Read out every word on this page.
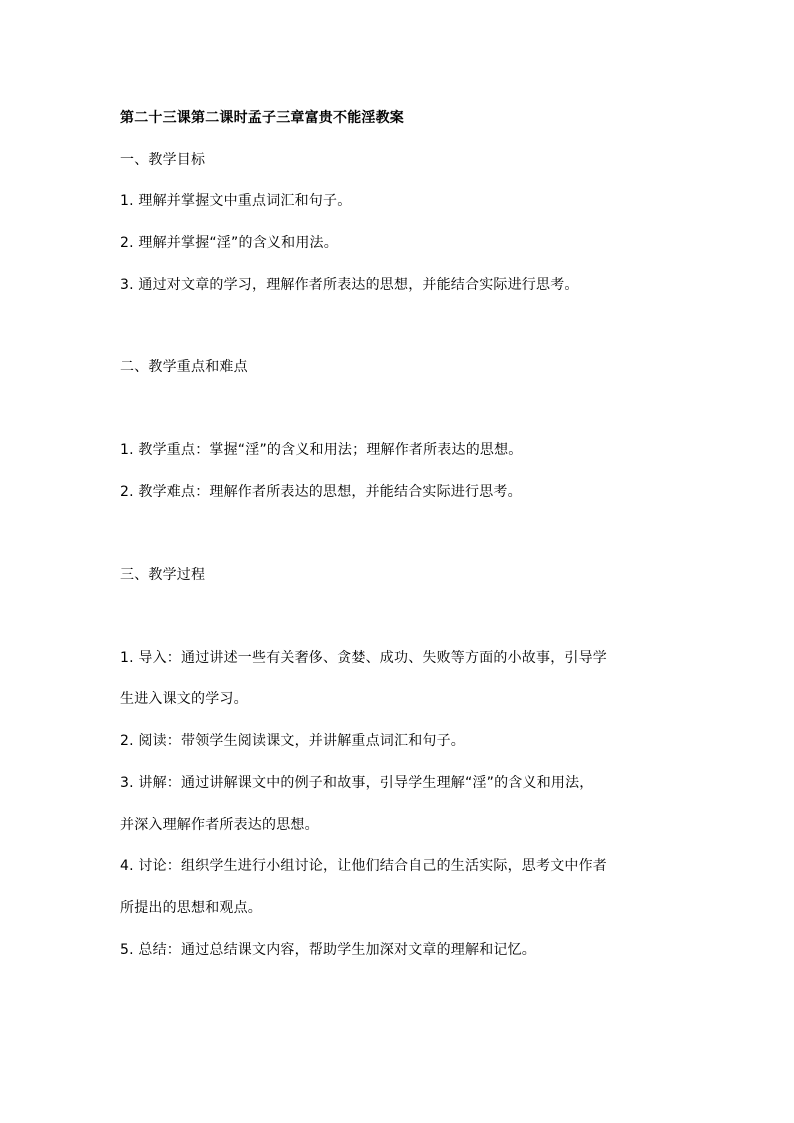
第二十三课第二课时孟子三章富贵不能淫教案
一、教学目标
1. 理解并掌握文中重点词汇和句子。
2. 理解并掌握“淫”的含义和用法。
3. 通过对文章的学习，理解作者所表达的思想，并能结合实际进行思考。
二、教学重点和难点
1. 教学重点：掌握“淫”的含义和用法；理解作者所表达的思想。
2. 教学难点：理解作者所表达的思想，并能结合实际进行思考。
三、教学过程
1. 导入：通过讲述一些有关奢侈、贪婪、成功、失败等方面的小故事，引导学
生进入课文的学习。
2. 阅读：带领学生阅读课文，并讲解重点词汇和句子。
3. 讲解：通过讲解课文中的例子和故事，引导学生理解“淫”的含义和用法，
并深入理解作者所表达的思想。
4. 讨论：组织学生进行小组讨论，让他们结合自己的生活实际，思考文中作者
所提出的思想和观点。
5. 总结：通过总结课文内容，帮助学生加深对文章的理解和记忆。
